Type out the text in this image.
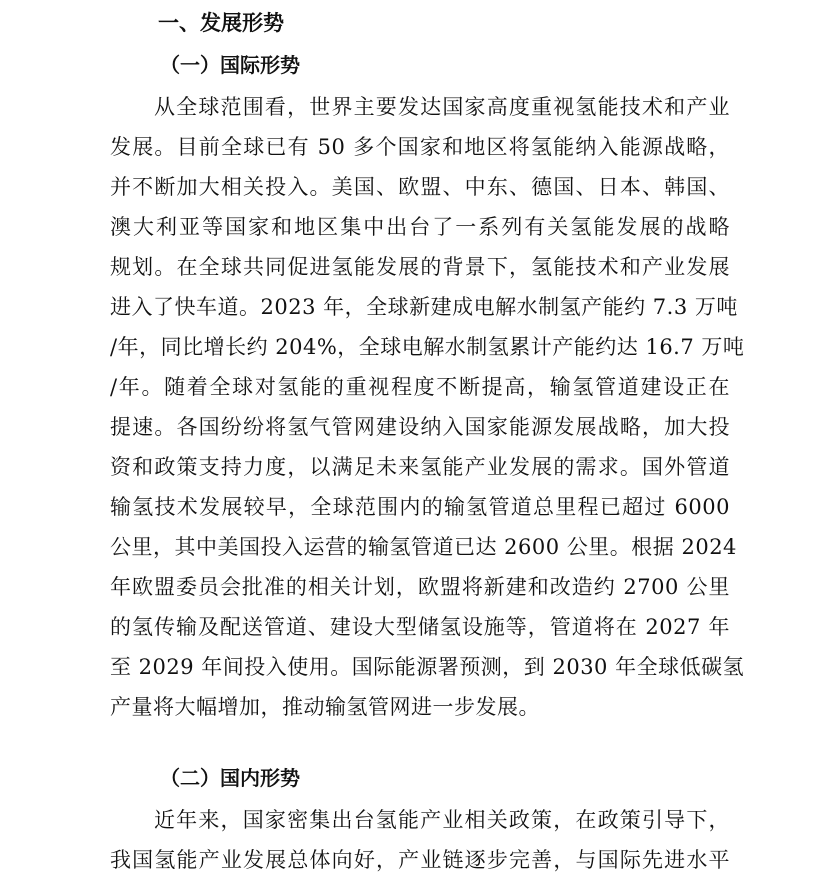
一、发展形势
（一）国际形势
从全球范围看，世界主要发达国家高度重视氢能技术和产业
发展。目前全球已有 50 多个国家和地区将氢能纳入能源战略，
并不断加大相关投入。美国、欧盟、中东、德国、日本、韩国、
澳大利亚等国家和地区集中出台了一系列有关氢能发展的战略
规划。在全球共同促进氢能发展的背景下，氢能技术和产业发展
进入了快车道。2023 年，全球新建成电解水制氢产能约 7.3 万吨
/年，同比增长约 204%，全球电解水制氢累计产能约达 16.7 万吨
/年。随着全球对氢能的重视程度不断提高，输氢管道建设正在
提速。各国纷纷将氢气管网建设纳入国家能源发展战略，加大投
资和政策支持力度，以满足未来氢能产业发展的需求。国外管道
输氢技术发展较早，全球范围内的输氢管道总里程已超过 6000
公里，其中美国投入运营的输氢管道已达 2600 公里。根据 2024
年欧盟委员会批准的相关计划，欧盟将新建和改造约 2700 公里
的氢传输及配送管道、建设大型储氢设施等，管道将在 2027 年
至 2029 年间投入使用。国际能源署预测，到 2030 年全球低碳氢
产量将大幅增加，推动输氢管网进一步发展。
（二）国内形势
近年来，国家密集出台氢能产业相关政策，在政策引导下，
我国氢能产业发展总体向好，产业链逐步完善，与国际先进水平
